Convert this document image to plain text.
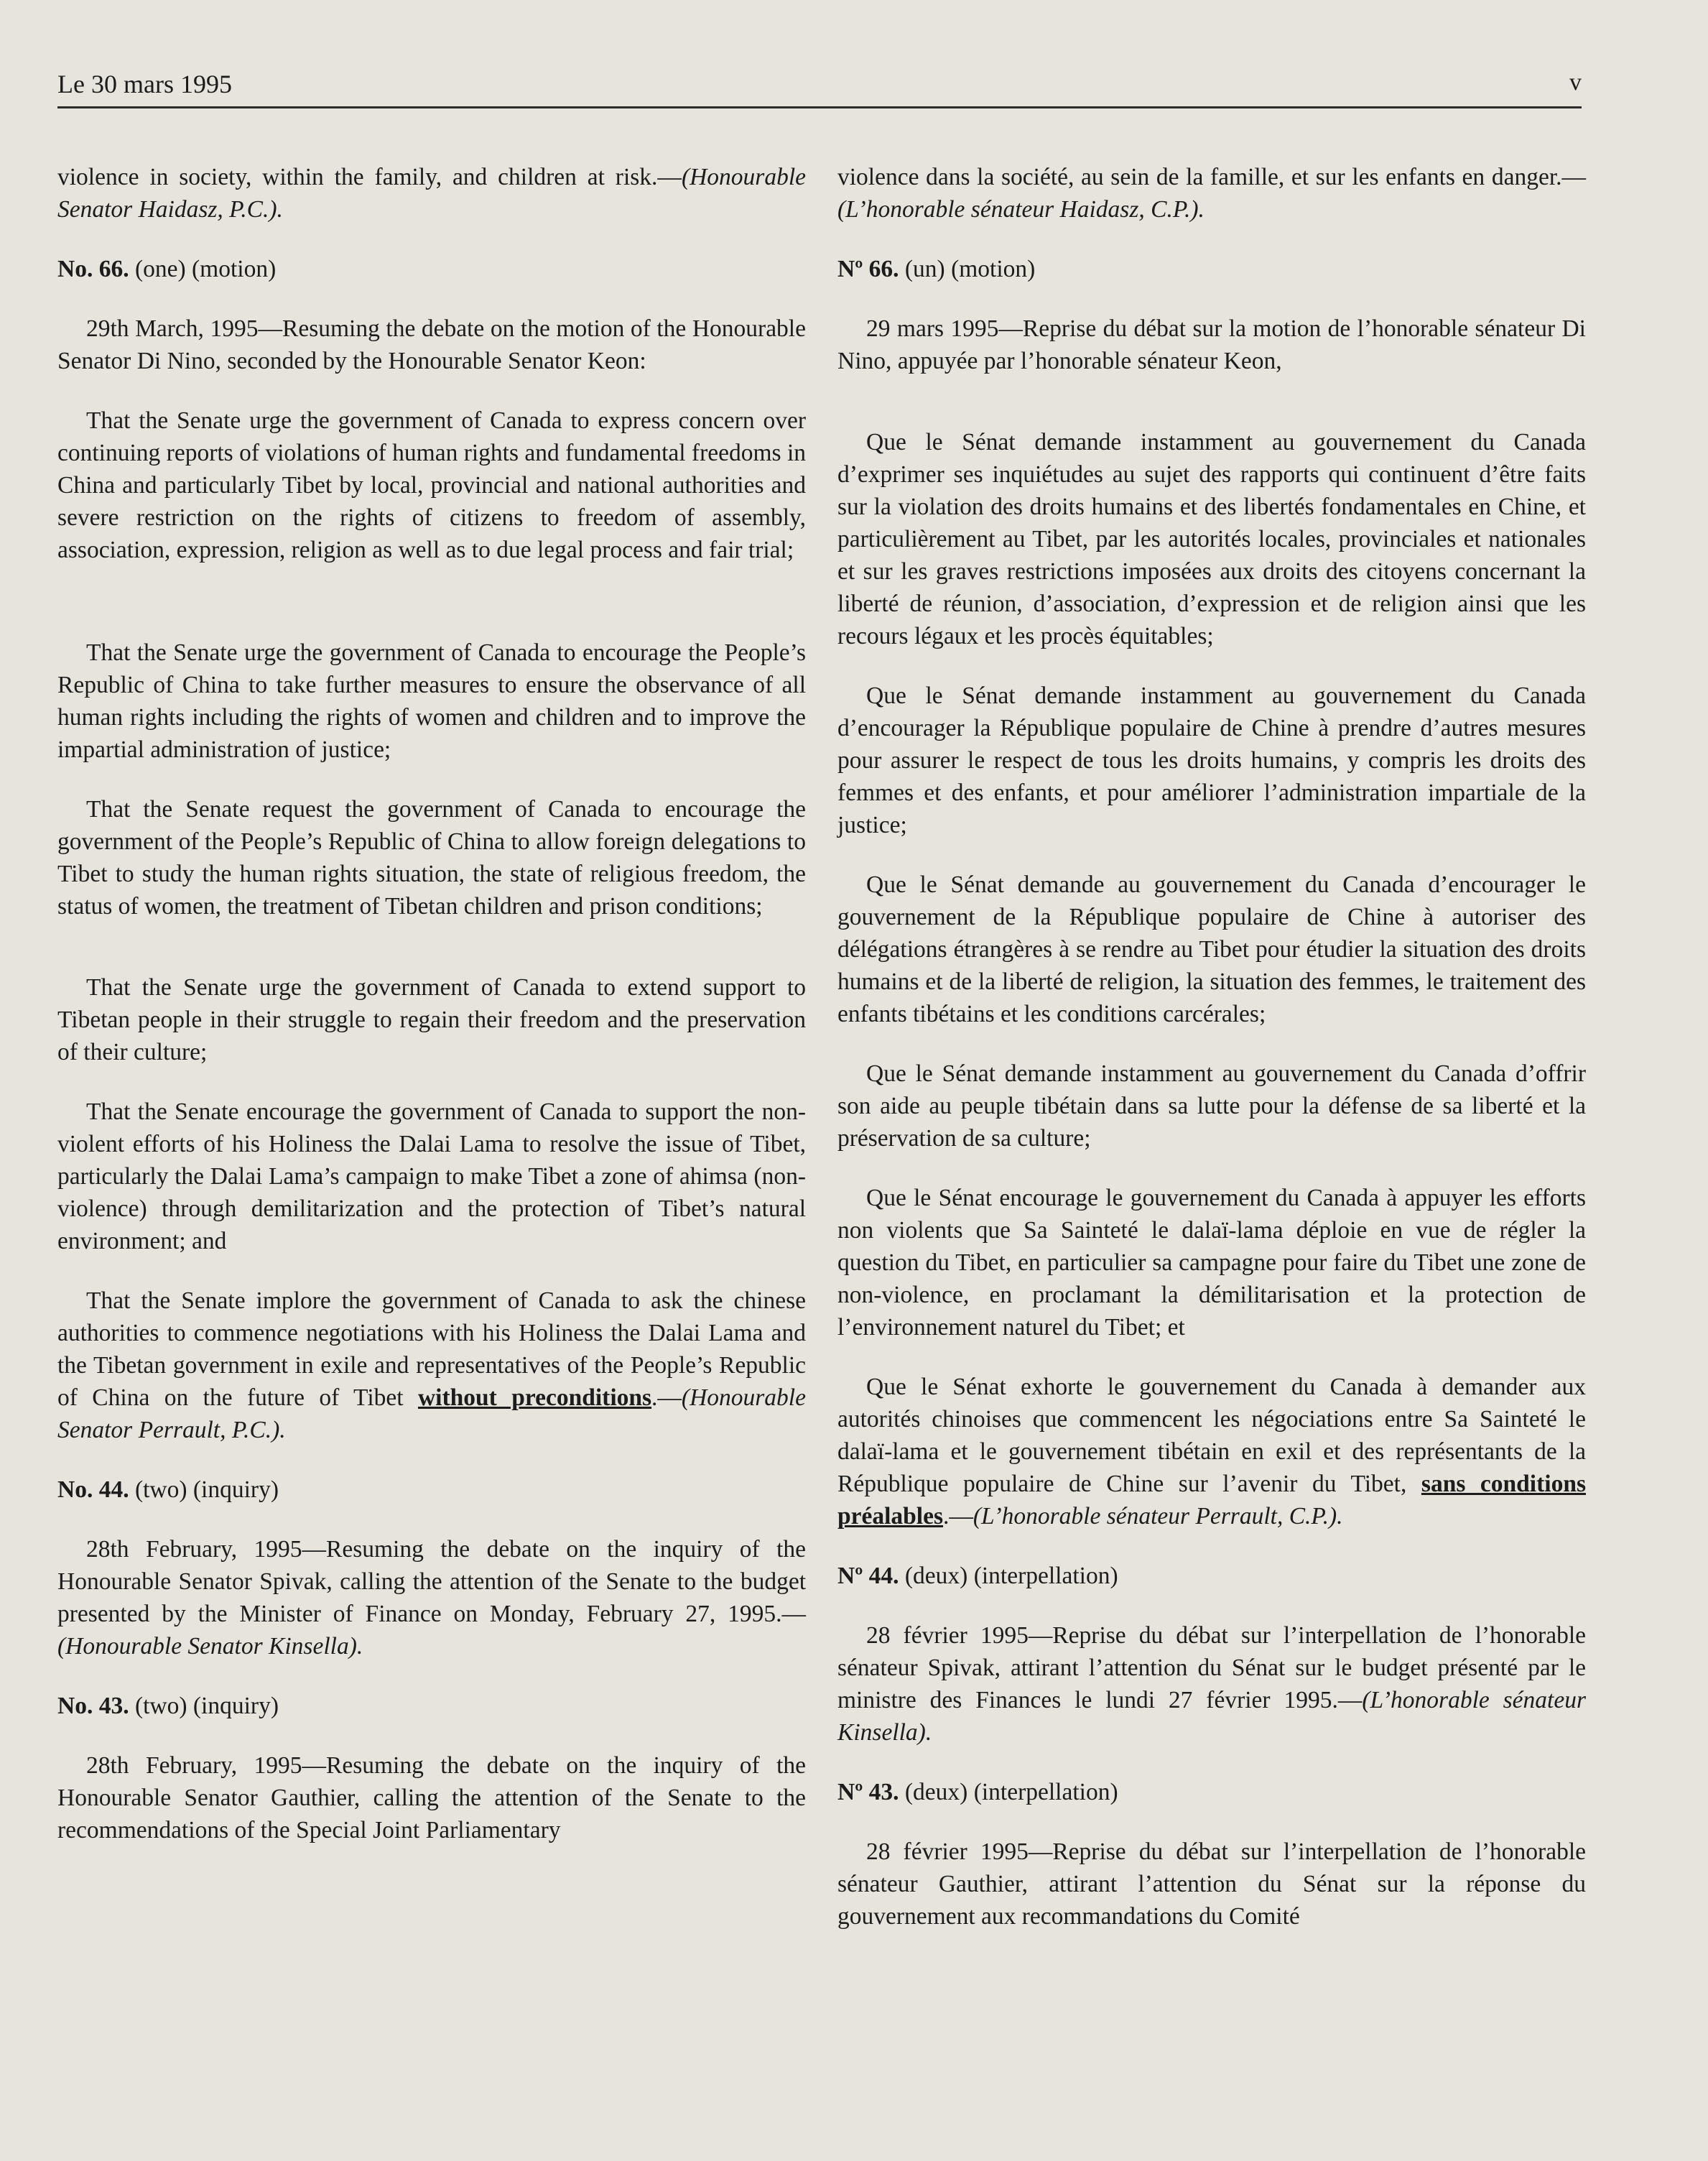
Le 30 mars 1995	v

violence in society, within the family, and children at risk.—(Honourable Senator Haidasz, P.C.).

No. 66. (one) (motion)

29th March, 1995—Resuming the debate on the motion of the Honourable Senator Di Nino, seconded by the Honourable Senator Keon:

That the Senate urge the government of Canada to express concern over continuing reports of violations of human rights and fundamental freedoms in China and particularly Tibet by local, provincial and national authorities and severe restriction on the rights of citizens to freedom of assembly, association, expression, religion as well as to due legal process and fair trial;

That the Senate urge the government of Canada to encourage the People’s Republic of China to take further measures to ensure the observance of all human rights including the rights of women and children and to improve the impartial administration of justice;

That the Senate request the government of Canada to encourage the government of the People’s Republic of China to allow foreign delegations to Tibet to study the human rights situation, the state of religious freedom, the status of women, the treatment of Tibetan children and prison conditions;

That the Senate urge the government of Canada to extend support to Tibetan people in their struggle to regain their freedom and the preservation of their culture;

That the Senate encourage the government of Canada to support the non-violent efforts of his Holiness the Dalai Lama to resolve the issue of Tibet, particularly the Dalai Lama’s campaign to make Tibet a zone of ahimsa (non-violence) through demilitarization and the protection of Tibet’s natural environment; and

That the Senate implore the government of Canada to ask the chinese authorities to commence negotiations with his Holiness the Dalai Lama and the Tibetan government in exile and representatives of the People’s Republic of China on the future of Tibet without preconditions.—(Honourable Senator Perrault, P.C.).

No. 44. (two) (inquiry)

28th February, 1995—Resuming the debate on the inquiry of the Honourable Senator Spivak, calling the attention of the Senate to the budget presented by the Minister of Finance on Monday, February 27, 1995.—(Honourable Senator Kinsella).

No. 43. (two) (inquiry)

28th February, 1995—Resuming the debate on the inquiry of the Honourable Senator Gauthier, calling the attention of the Senate to the recommendations of the Special Joint Parliamentary

violence dans la société, au sein de la famille, et sur les enfants en danger.—(L’honorable sénateur Haidasz, C.P.).

Nº 66. (un) (motion)

29 mars 1995—Reprise du débat sur la motion de l’honorable sénateur Di Nino, appuyée par l’honorable sénateur Keon,

Que le Sénat demande instamment au gouvernement du Canada d’exprimer ses inquiétudes au sujet des rapports qui continuent d’être faits sur la violation des droits humains et des libertés fondamentales en Chine, et particulièrement au Tibet, par les autorités locales, provinciales et nationales et sur les graves restrictions imposées aux droits des citoyens concernant la liberté de réunion, d’association, d’expression et de religion ainsi que les recours légaux et les procès équitables;

Que le Sénat demande instamment au gouvernement du Canada d’encourager la République populaire de Chine à prendre d’autres mesures pour assurer le respect de tous les droits humains, y compris les droits des femmes et des enfants, et pour améliorer l’administration impartiale de la justice;

Que le Sénat demande au gouvernement du Canada d’encourager le gouvernement de la République populaire de Chine à autoriser des délégations étrangères à se rendre au Tibet pour étudier la situation des droits humains et de la liberté de religion, la situation des femmes, le traitement des enfants tibétains et les conditions carcérales;

Que le Sénat demande instamment au gouvernement du Canada d’offrir son aide au peuple tibétain dans sa lutte pour la défense de sa liberté et la préservation de sa culture;

Que le Sénat encourage le gouvernement du Canada à appuyer les efforts non violents que Sa Sainteté le dalaï-lama déploie en vue de régler la question du Tibet, en particulier sa campagne pour faire du Tibet une zone de non-violence, en proclamant la démilitarisation et la protection de l’environnement naturel du Tibet; et

Que le Sénat exhorte le gouvernement du Canada à demander aux autorités chinoises que commencent les négociations entre Sa Sainteté le dalaï-lama et le gouvernement tibétain en exil et des représentants de la République populaire de Chine sur l’avenir du Tibet, sans conditions préalables.—(L’honorable sénateur Perrault, C.P.).

Nº 44. (deux) (interpellation)

28 février 1995—Reprise du débat sur l’interpellation de l’honorable sénateur Spivak, attirant l’attention du Sénat sur le budget présenté par le ministre des Finances le lundi 27 février 1995.—(L’honorable sénateur Kinsella).

Nº 43. (deux) (interpellation)

28 février 1995—Reprise du débat sur l’interpellation de l’honorable sénateur Gauthier, attirant l’attention du Sénat sur la réponse du gouvernement aux recommandations du Comité
